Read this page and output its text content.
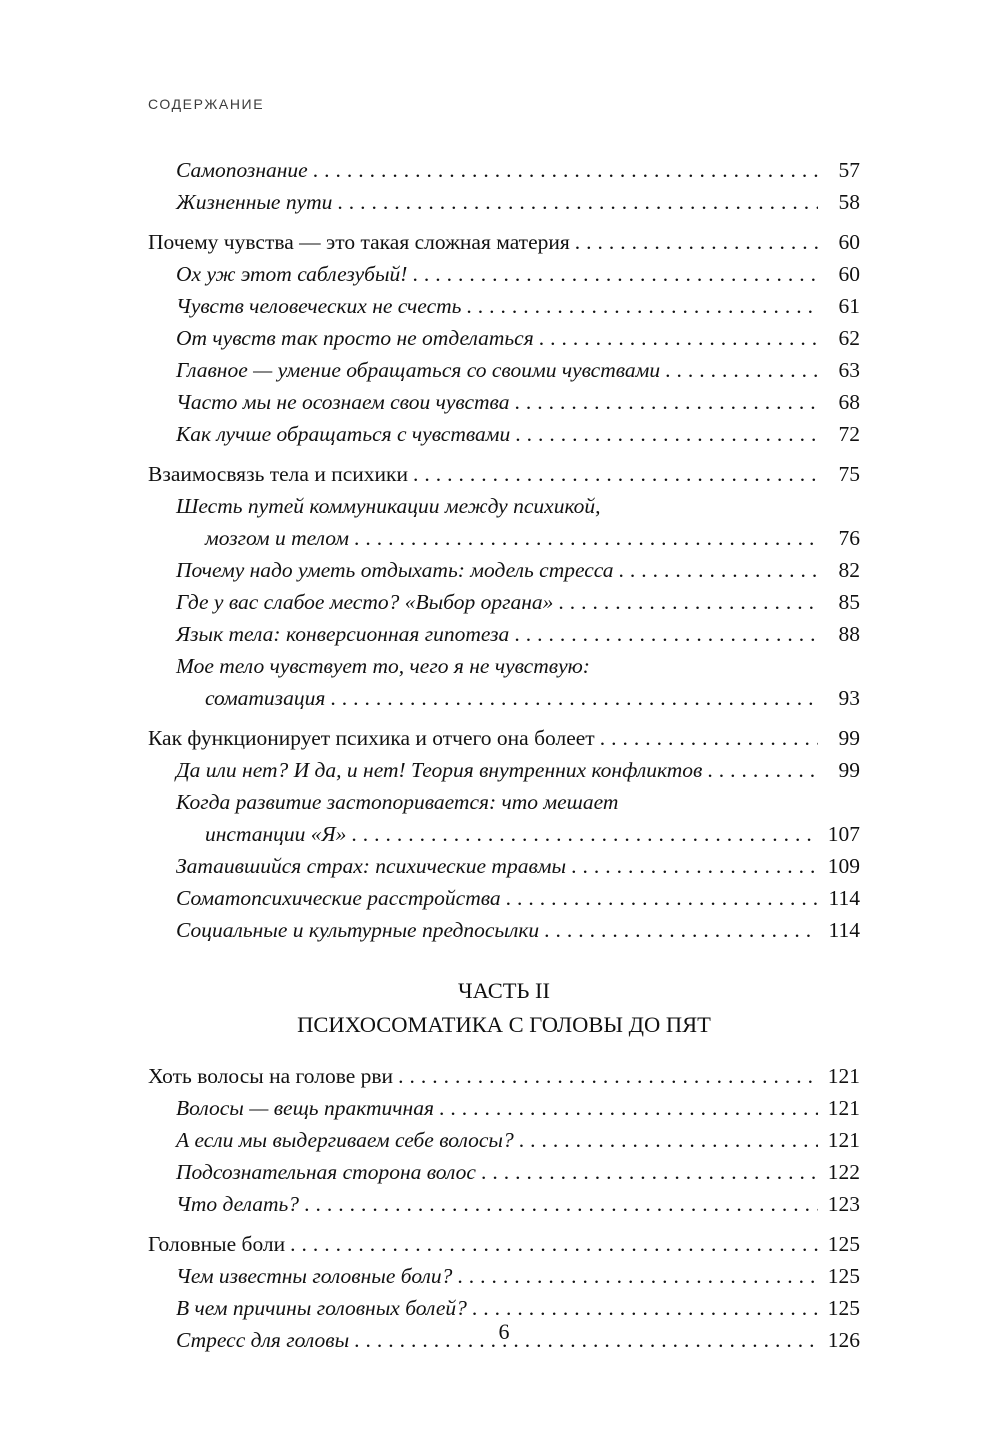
СОДЕРЖАНИЕ
Самопознание .....	57
Жизненные пути .....	58
Почему чувства — это такая сложная материя .....	60
Ох уж этот саблезубый! .....	60
Чувств человеческих не счесть .....	61
От чувств так просто не отделаться .....	62
Главное — умение обращаться со своими чувствами .....	63
Часто мы не осознаем свои чувства .....	68
Как лучше обращаться с чувствами .....	72
Взаимосвязь тела и психики .....	75
Шесть путей коммуникации между психикой,
мозгом и телом .....	76
Почему надо уметь отдыхать: модель стресса .....	82
Где у вас слабое место? «Выбор органа» .....	85
Язык тела: конверсионная гипотеза .....	88
Мое тело чувствует то, чего я не чувствую:
соматизация .....	93
Как функционирует психика и отчего она болеет .....	99
Да или нет? И да, и нет! Теория внутренних конфликтов .....	99
Когда развитие застопоривается: что мешает
инстанции «Я» .....	107
Затаившийся страх: психические травмы .....	109
Соматопсихические расстройства .....	114
Социальные и культурные предпосылки .....	114
ЧАСТЬ II
ПСИХОСОМАТИКА С ГОЛОВЫ ДО ПЯТ
Хоть волосы на голове рви .....	121
Волосы — вещь практичная .....	121
А если мы выдергиваем себе волосы? .....	121
Подсознательная сторона волос .....	122
Что делать? .....	123
Головные боли .....	125
Чем известны головные боли? .....	125
В чем причины головных болей? .....	125
Стресс для головы .....	126
6
